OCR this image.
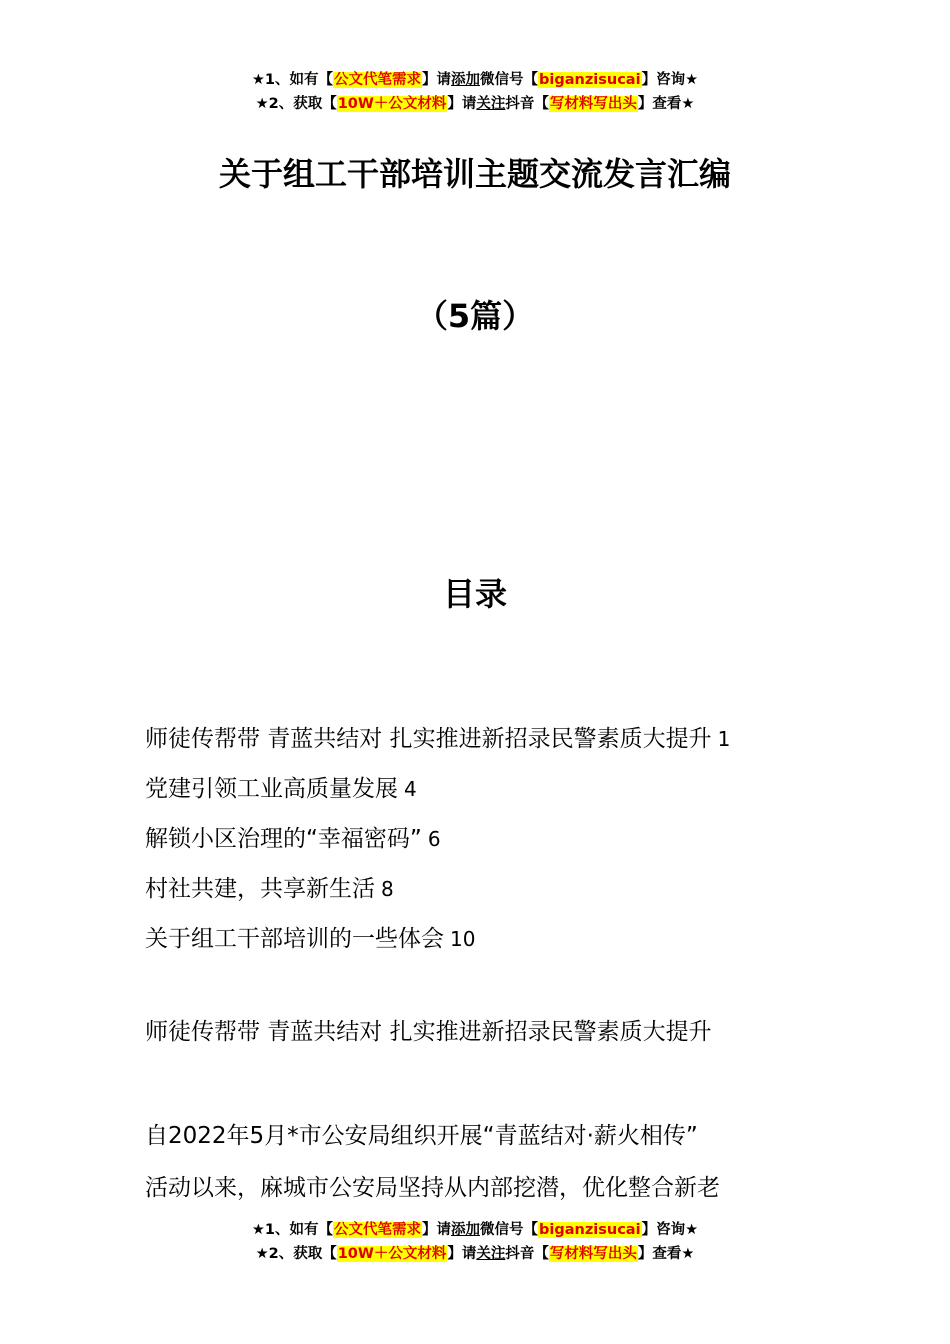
★1、如有【公文代笔需求】请添加微信号【biganzisucai】咨询★
★2、获取【10W＋公文材料】请关注抖音【写材料写出头】查看★
关于组工干部培训主题交流发言汇编
（5篇）
目录
师徒传帮带 青蓝共结对 扎实推进新招录民警素质大提升 1
党建引领工业高质量发展 4
解锁小区治理的“幸福密码” 6
村社共建，共享新生活 8
关于组工干部培训的一些体会 10
师徒传帮带 青蓝共结对 扎实推进新招录民警素质大提升
自2022年5月*市公安局组织开展“青蓝结对·薪火相传”
活动以来，麻城市公安局坚持从内部挖潜，优化整合新老
★1、如有【公文代笔需求】请添加微信号【biganzisucai】咨询★
★2、获取【10W＋公文材料】请关注抖音【写材料写出头】查看★
